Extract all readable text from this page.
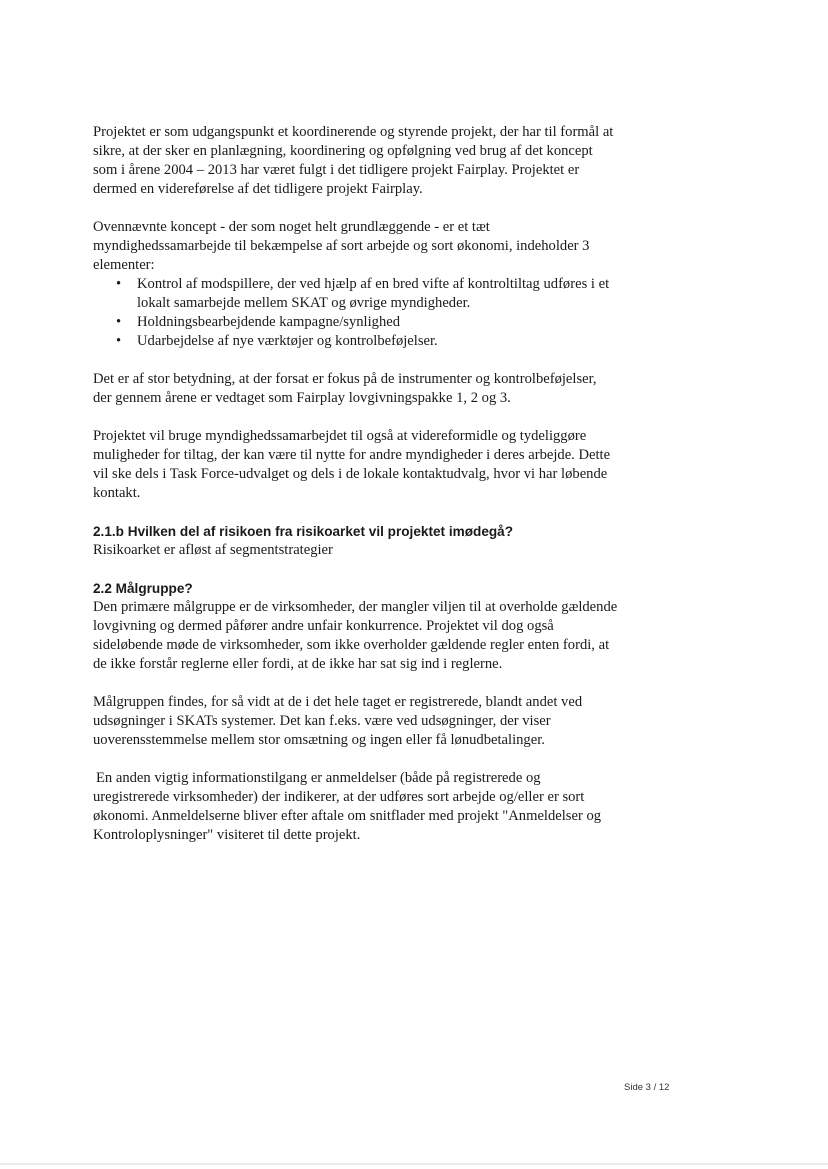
Projektet er som udgangspunkt et koordinerende og styrende projekt, der har til formål at sikre, at der sker en planlægning, koordinering og opfølgning ved brug af det koncept som i årene 2004 – 2013 har været fulgt i det tidligere projekt Fairplay. Projektet er dermed en videreførelse af det tidligere projekt Fairplay.

Ovennævnte koncept - der som noget helt grundlæggende - er et tæt myndighedssamarbejde til bekæmpelse af sort arbejde og sort økonomi, indeholder 3 elementer:

• Kontrol af modspillere, der ved hjælp af en bred vifte af kontroltiltag udføres i et lokalt samarbejde mellem SKAT og øvrige myndigheder.
• Holdningsbearbejdende kampagne/synlighed
• Udarbejdelse af nye værktøjer og kontrolbeføjelser.

Det er af stor betydning, at der forsat er fokus på de instrumenter og kontrolbeføjelser, der gennem årene er vedtaget som Fairplay lovgivningspakke 1, 2 og 3.

Projektet vil bruge myndighedssamarbejdet til også at videreformidle og tydeliggøre muligheder for tiltag, der kan være til nytte for andre myndigheder i deres arbejde. Dette vil ske dels i Task Force-udvalget og dels i de lokale kontaktudvalg, hvor vi har løbende kontakt.

2.1.b Hvilken del af risikoen fra risikoarket vil projektet imødegå?

Risikoarket er afløst af segmentstrategier

2.2 Målgruppe?

Den primære målgruppe er de virksomheder, der mangler viljen til at overholde gældende lovgivning og dermed påfører andre unfair konkurrence. Projektet vil dog også sideløbende møde de virksomheder, som ikke overholder gældende regler enten fordi, at de ikke forstår reglerne eller fordi, at de ikke har sat sig ind i reglerne.

Målgruppen findes, for så vidt at de i det hele taget er registrerede, blandt andet ved udsøgninger i SKATs systemer. Det kan f.eks. være ved udsøgninger, der viser uoverensstemmelse mellem stor omsætning og ingen eller få lønudbetalinger.

En anden vigtig informationstilgang er anmeldelser (både på registrerede og uregistrerede virksomheder) der indikerer, at der udføres sort arbejde og/eller er sort økonomi. Anmeldelserne bliver efter aftale om snitflader med projekt "Anmeldelser og Kontroloplysninger" visiteret til dette projekt.

Side 3 / 12
